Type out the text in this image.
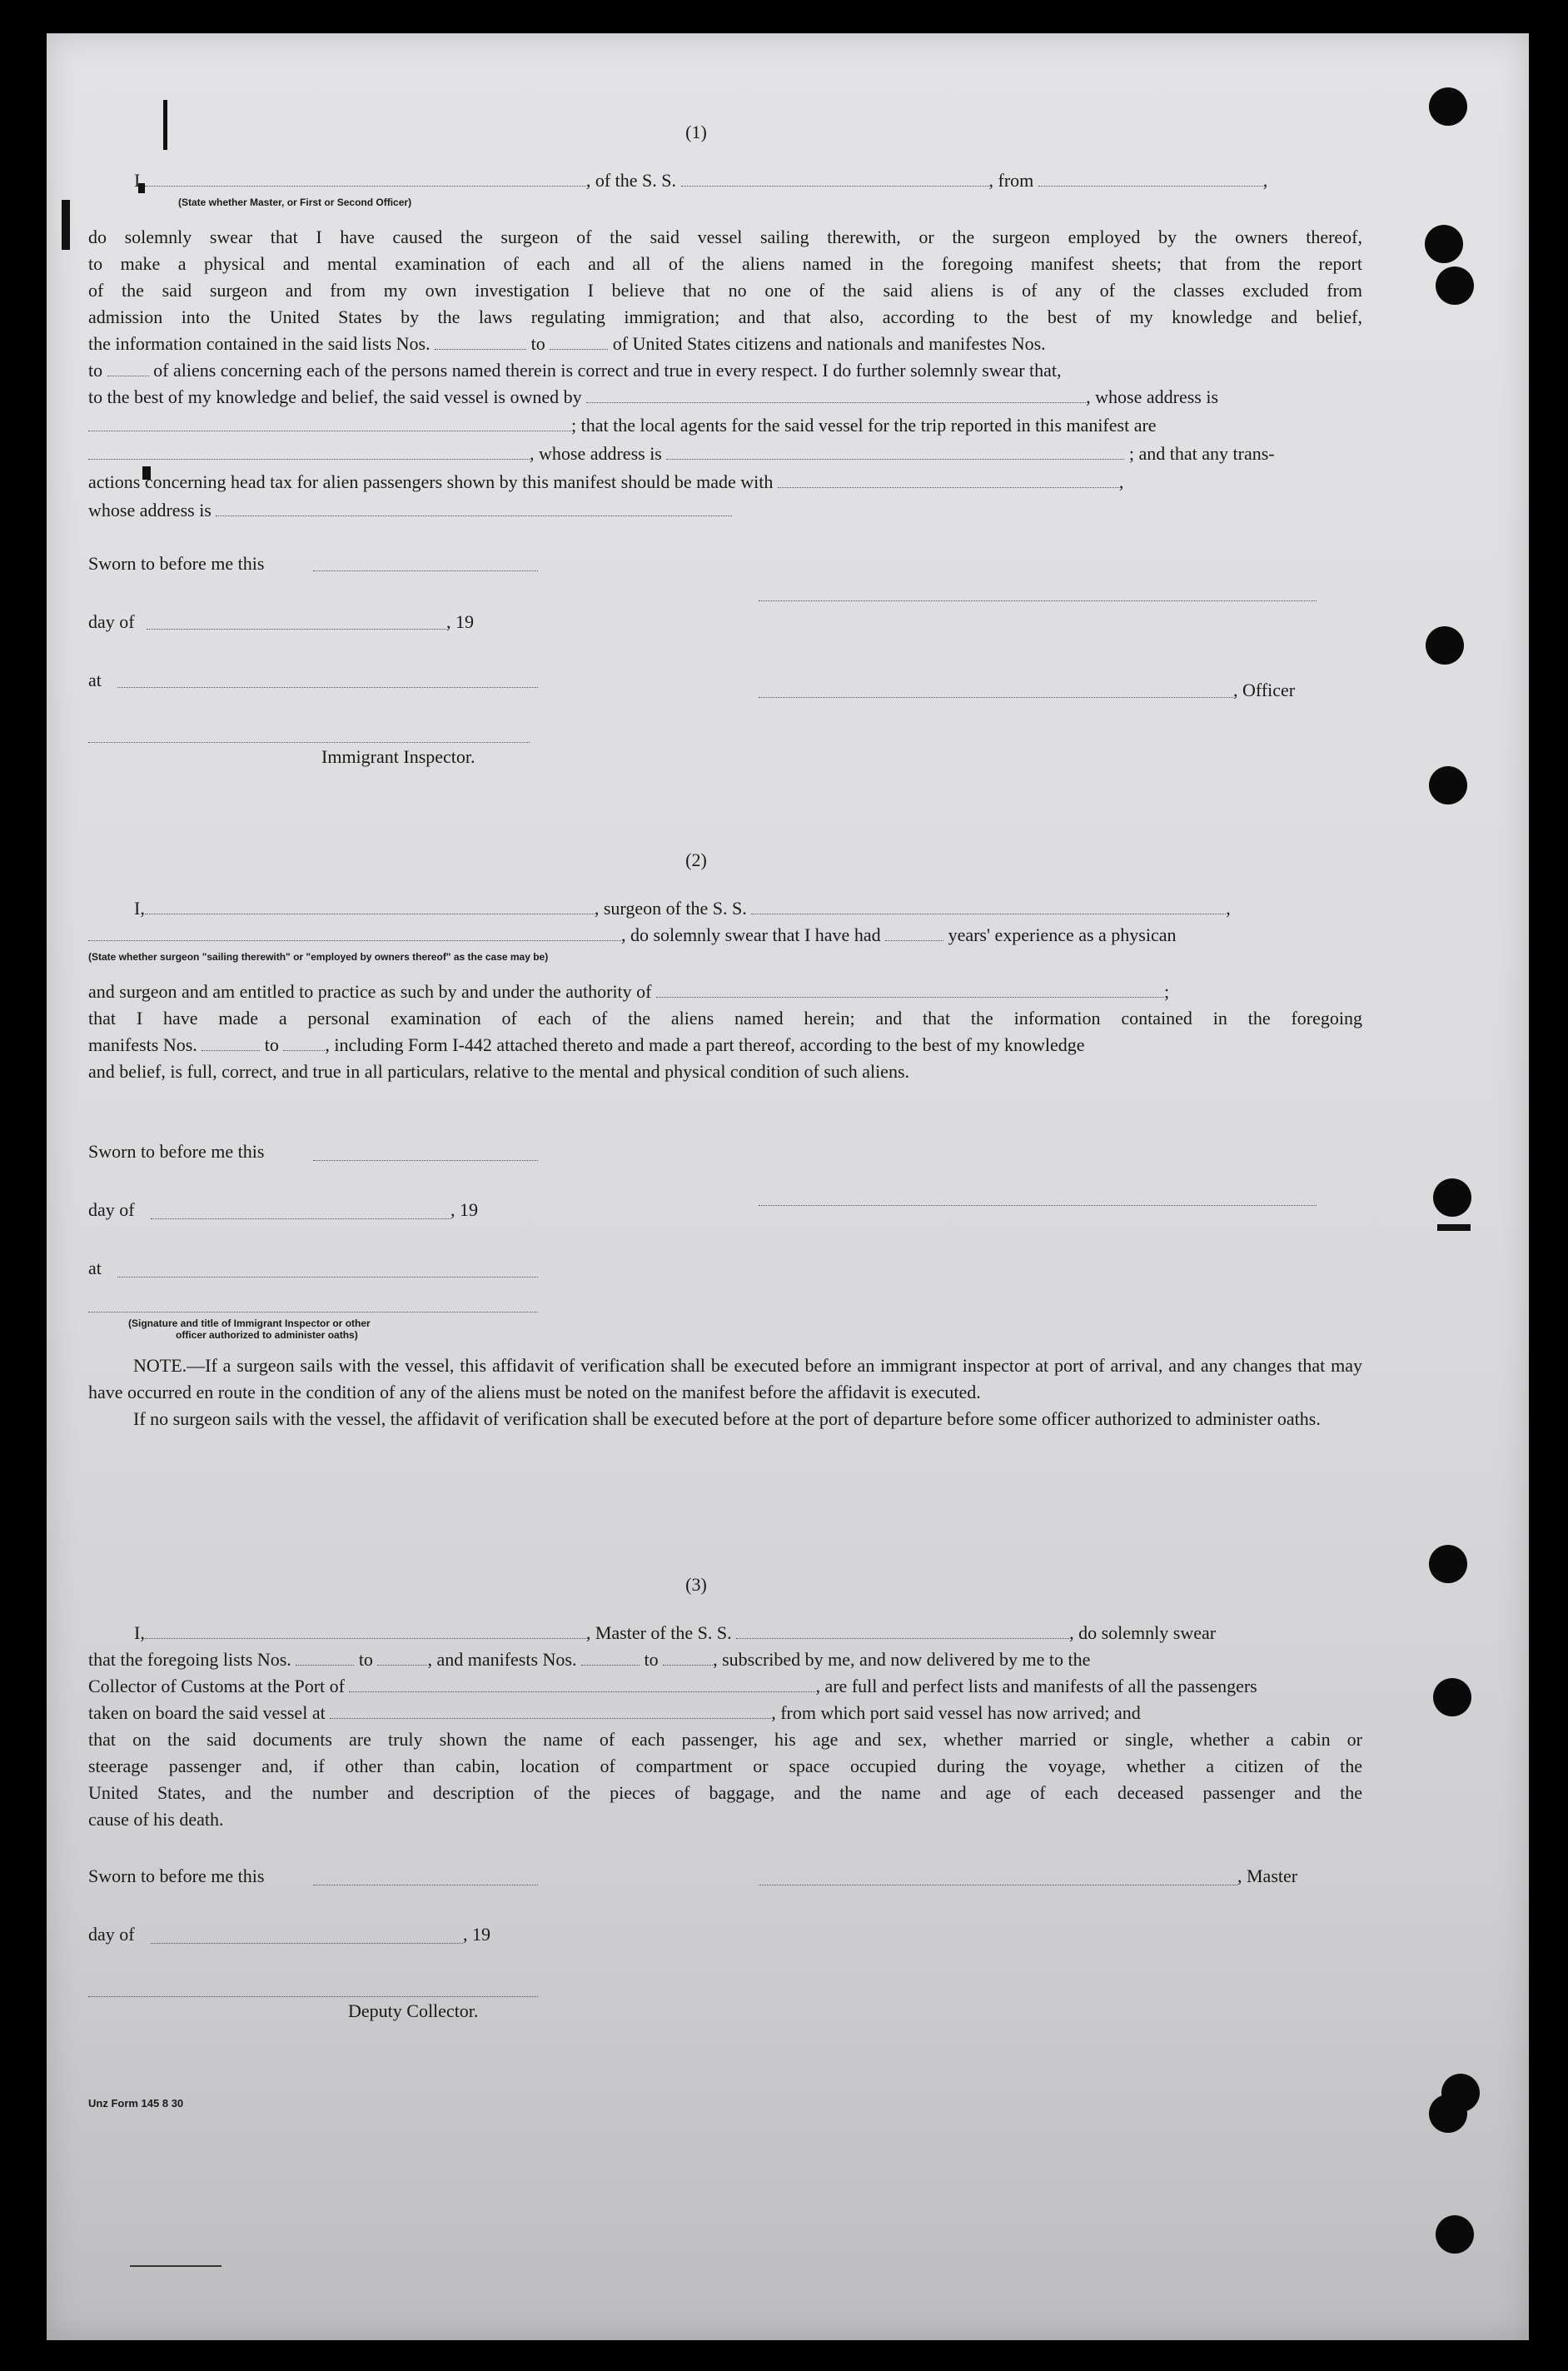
(1)
I,	, of the S. S.	, from	,
(State whether Master, or First or Second Officer)
do solemnly swear that I have caused the surgeon of the said vessel sailing therewith, or the surgeon employed by the owners thereof,
to make a physical and mental examination of each and all of the aliens named in the foregoing manifest sheets; that from the report
of the said surgeon and from my own investigation I believe that no one of the said aliens is of any of the classes excluded from
admission into the United States by the laws regulating immigration; and that also, according to the best of my knowledge and belief,
the information contained in the said lists Nos.	to	of United States citizens and nationals and manifestes Nos.
to	of aliens concerning each of the persons named therein is correct and true in every respect. I do further solemnly swear that,
to the best of my knowledge and belief, the said vessel is owned by	, whose address is
; that the local agents for the said vessel for the trip reported in this manifest are
, whose address is	; and that any trans-
actions concerning head tax for alien passengers shown by this manifest should be made with	,
whose address is
Sworn to before me this
day of	, 19
at	, Officer
Immigrant Inspector.
(2)
I,	, surgeon of the S. S.	,
, do solemnly swear that I have had	years' experience as a physican
(State whether surgeon "sailing therewith" or "employed by owners thereof" as the case may be)
and surgeon and am entitled to practice as such by and under the authority of	;
that I have made a personal examination of each of the aliens named herein; and that the information contained in the foregoing
manifests Nos.	to	, including Form I-442 attached thereto and made a part thereof, according to the best of my knowledge
and belief, is full, correct, and true in all particulars, relative to the mental and physical condition of such aliens.
Sworn to before me this
day of	, 19
at
(Signature and title of Immigrant Inspector or other
officer authorized to administer oaths)

NOTE.—If a surgeon sails with the vessel, this affidavit of verification shall be executed before an immigrant inspector at port of arrival, and any changes that may have occurred en route in the condition of any of the aliens must be noted on the manifest before the affidavit is executed.

If no surgeon sails with the vessel, the affidavit of verification shall be executed before at the port of departure before some officer authorized to administer oaths.

(3)
I,	, Master of the S. S.	, do solemnly swear
that the foregoing lists Nos.	to	, and manifests Nos.	to	, subscribed by me, and now delivered by me to the
Collector of Customs at the Port of	, are full and perfect lists and manifests of all the passengers
taken on board the said vessel at	, from which port said vessel has now arrived; and
that on the said documents are truly shown the name of each passenger, his age and sex, whether married or single, whether a cabin or
steerage passenger and, if other than cabin, location of compartment or space occupied during the voyage, whether a citizen of the
United States, and the number and description of the pieces of baggage, and the name and age of each deceased passenger and the
cause of his death.
Sworn to before me this	, Master
day of	, 19
Deputy Collector.
Unz Form 145 8 30
